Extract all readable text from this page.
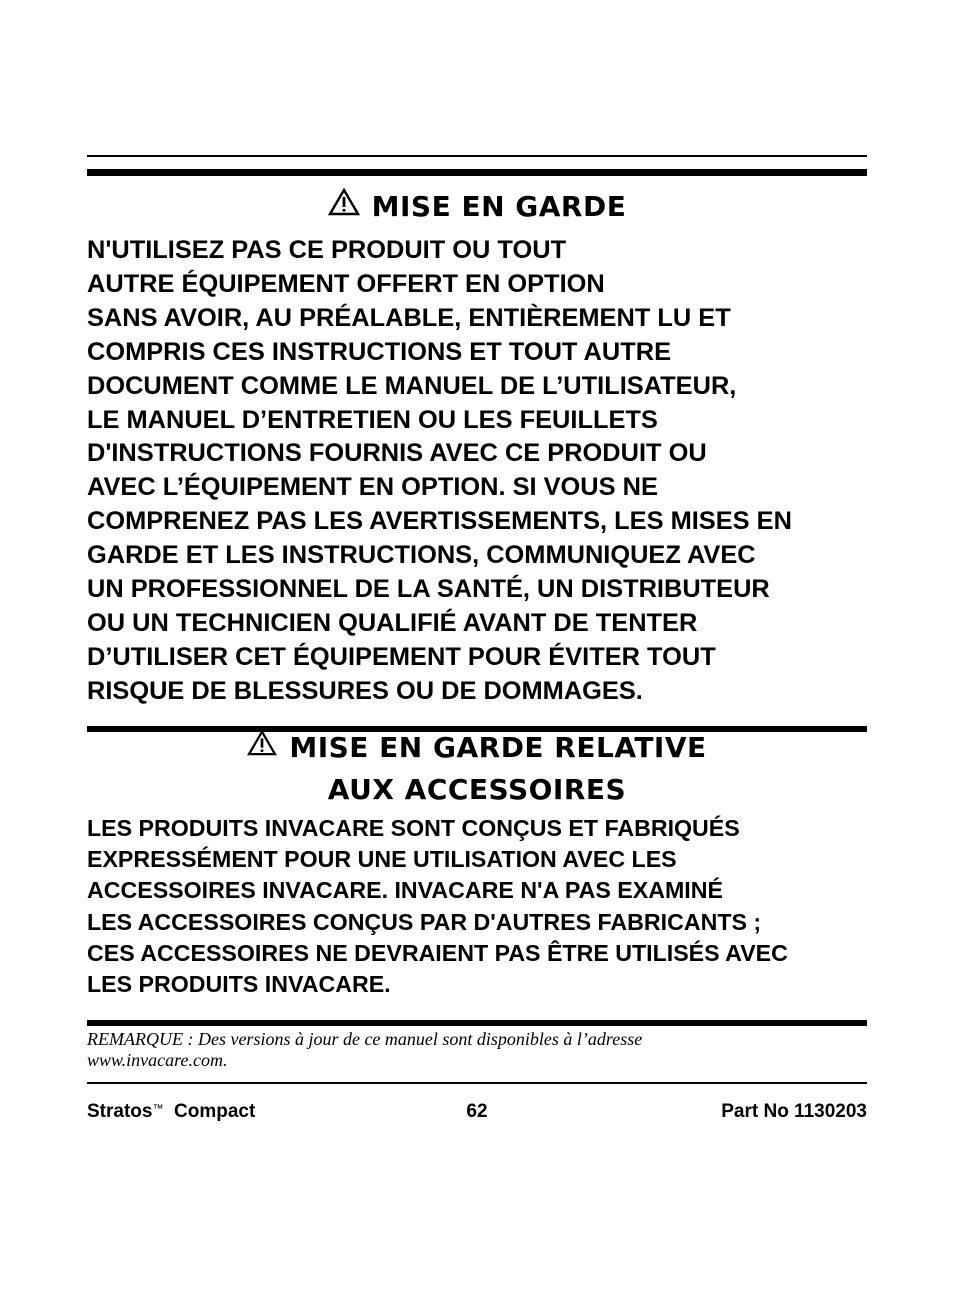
MISE EN GARDE
N'UTILISEZ PAS CE PRODUIT OU TOUT
AUTRE ÉQUIPEMENT OFFERT EN OPTION
SANS AVOIR, AU PRÉALABLE, ENTIÈREMENT LU ET
COMPRIS CES INSTRUCTIONS ET TOUT AUTRE
DOCUMENT COMME LE MANUEL DE L’UTILISATEUR,
LE MANUEL D’ENTRETIEN OU LES FEUILLETS
D'INSTRUCTIONS FOURNIS AVEC CE PRODUIT OU
AVEC L’ÉQUIPEMENT EN OPTION. SI VOUS NE
COMPRENEZ PAS LES AVERTISSEMENTS, LES MISES EN
GARDE ET LES INSTRUCTIONS, COMMUNIQUEZ AVEC
UN PROFESSIONNEL DE LA SANTÉ, UN DISTRIBUTEUR
OU UN TECHNICIEN QUALIFIÉ AVANT DE TENTER
D’UTILISER CET ÉQUIPEMENT POUR ÉVITER TOUT
RISQUE DE BLESSURES OU DE DOMMAGES.
MISE EN GARDE RELATIVE
AUX ACCESSOIRES
LES PRODUITS INVACARE SONT CONÇUS ET FABRIQUÉS
EXPRESSÉMENT POUR UNE UTILISATION AVEC LES
ACCESSOIRES INVACARE. INVACARE N'A PAS EXAMINÉ
LES ACCESSOIRES CONÇUS PAR D'AUTRES FABRICANTS ;
CES ACCESSOIRES NE DEVRAIENT PAS ÊTRE UTILISÉS AVEC
LES PRODUITS INVACARE.
REMARQUE : Des versions à jour de ce manuel sont disponibles à l’adresse
www.invacare.com.
62
Stratos™ Compact	Part No 1130203
